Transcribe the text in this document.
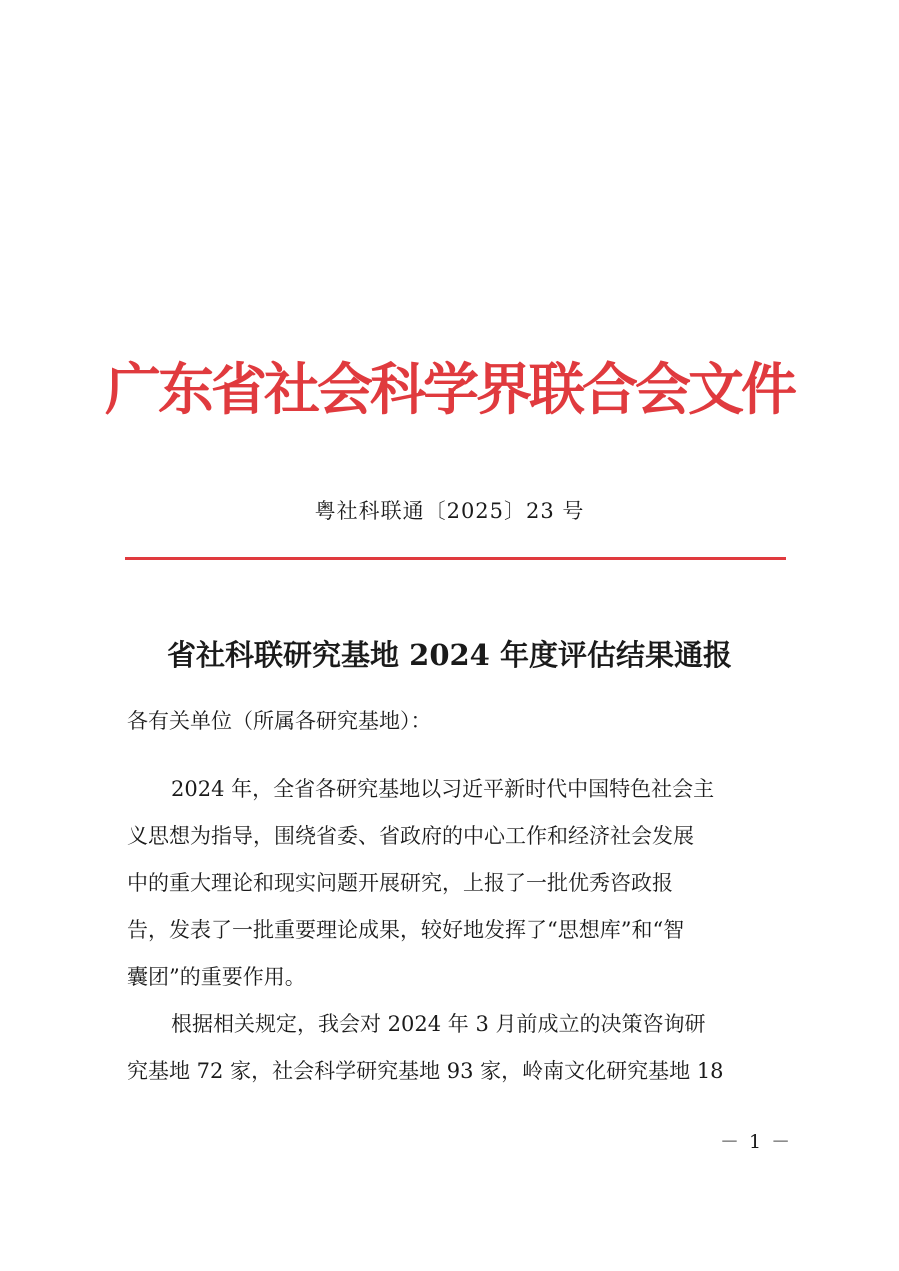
广东省社会科学界联合会文件
粤社科联通〔2025〕23 号
省社科联研究基地 2024 年度评估结果通报
各有关单位（所属各研究基地）：
2024 年，全省各研究基地以习近平新时代中国特色社会主
义思想为指导，围绕省委、省政府的中心工作和经济社会发展
中的重大理论和现实问题开展研究，上报了一批优秀咨政报
告，发表了一批重要理论成果，较好地发挥了“思想库”和“智
囊团”的重要作用。
根据相关规定，我会对 2024 年 3 月前成立的决策咨询研
究基地 72 家，社会科学研究基地 93 家，岭南文化研究基地 18
－ 1 －
